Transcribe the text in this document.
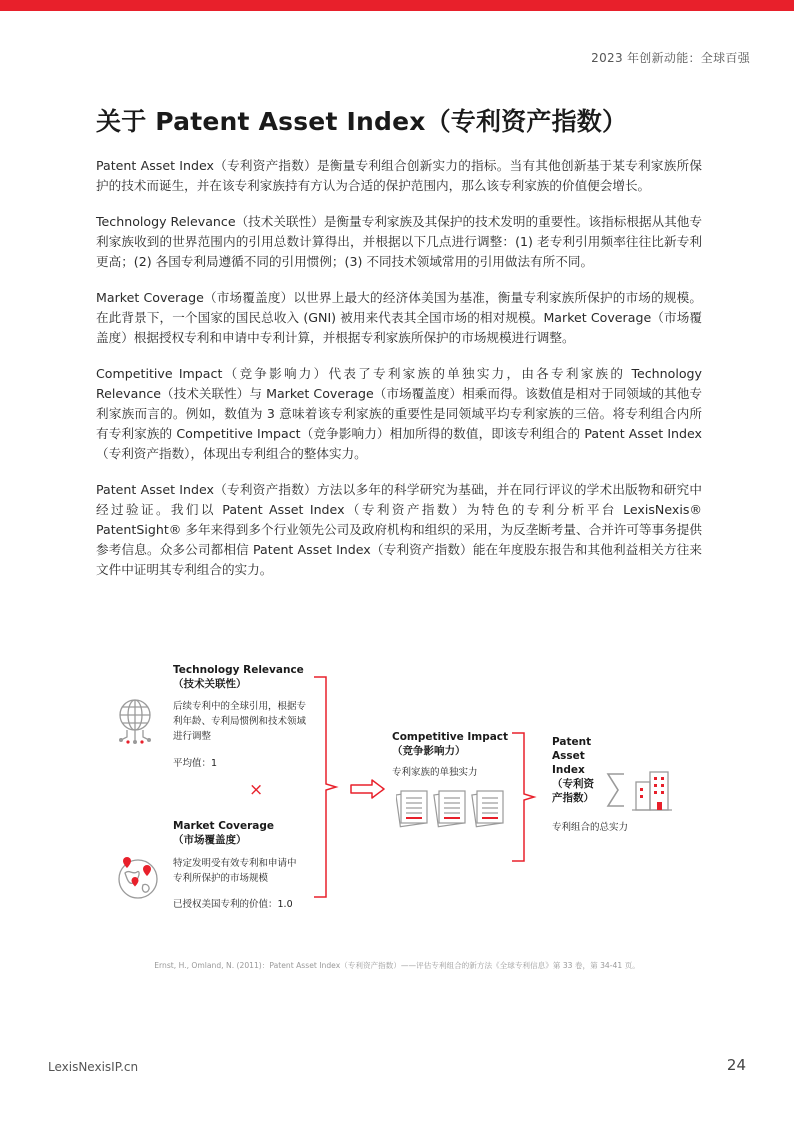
2023 年创新动能：全球百强
关于 Patent Asset Index（专利资产指数）

Patent Asset Index（专利资产指数）是衡量专利组合创新实力的指标。当有其他创新基于某专利家族所保护的技术而诞生，并在该专利家族持有方认为合适的保护范围内，那么该专利家族的价值便会增长。

Technology Relevance（技术关联性）是衡量专利家族及其保护的技术发明的重要性。该指标根据从其他专利家族收到的世界范围内的引用总数计算得出，并根据以下几点进行调整：(1) 老专利引用频率往往比新专利更高；(2) 各国专利局遵循不同的引用惯例；(3) 不同技术领域常用的引用做法有所不同。

Market Coverage（市场覆盖度）以世界上最大的经济体美国为基准，衡量专利家族所保护的市场的规模。在此背景下，一个国家的国民总收入 (GNI) 被用来代表其全国市场的相对规模。Market Coverage（市场覆盖度）根据授权专利和申请中专利计算，并根据专利家族所保护的市场规模进行调整。

Competitive Impact（竞争影响力）代表了专利家族的单独实力，由各专利家族的 Technology Relevance（技术关联性）与 Market Coverage（市场覆盖度）相乘而得。该数值是相对于同领域的其他专利家族而言的。例如，数值为 3 意味着该专利家族的重要性是同领域平均专利家族的三倍。将专利组合内所有专利家族的 Competitive Impact（竞争影响力）相加所得的数值，即该专利组合的 Patent Asset Index（专利资产指数），体现出专利组合的整体实力。

Patent Asset Index（专利资产指数）方法以多年的科学研究为基础，并在同行评议的学术出版物和研究中经过验证。我们以 Patent Asset Index（专利资产指数）为特色的专利分析平台 LexisNexis® PatentSight® 多年来得到多个行业领先公司及政府机构和组织的采用，为反垄断考量、合并许可等事务提供参考信息。众多公司都相信 Patent Asset Index（专利资产指数）能在年度股东报告和其他利益相关方往来文件中证明其专利组合的实力。

Technology Relevance
（技术关联性）
后续专利中的全球引用，根据专
利年龄、专利局惯例和技术领域
进行调整
平均值：1
×
Market Coverage
（市场覆盖度）
特定发明受有效专利和申请中
专利所保护的市场规模
已授权美国专利的价值：1.0
Competitive Impact
（竞争影响力）
专利家族的单独实力
Patent
Asset
Index
（专利资
产指数）
专利组合的总实力
Ernst, H., Omland, N. (2011)：Patent Asset Index（专利资产指数）——评估专利组合的新方法《全球专利信息》第 33 卷，第 34-41 页。
LexisNexisIP.cn	24
